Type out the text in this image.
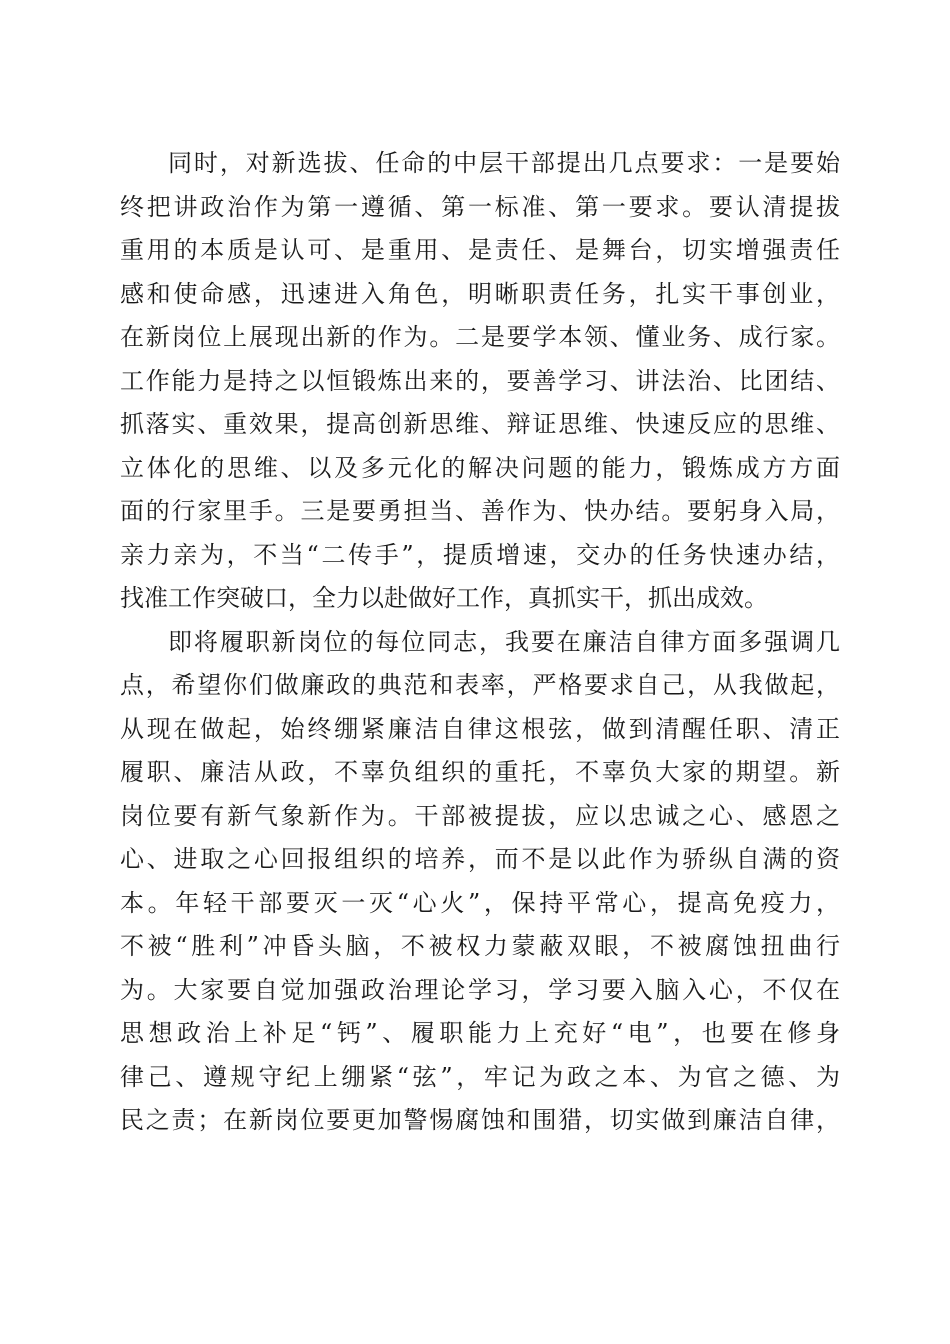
同时，对新选拔、任命的中层干部提出几点要求：一是要始
终把讲政治作为第一遵循、第一标准、第一要求。要认清提拔
重用的本质是认可、是重用、是责任、是舞台，切实增强责任
感和使命感，迅速进入角色，明晰职责任务，扎实干事创业，
在新岗位上展现出新的作为。二是要学本领、懂业务、成行家。
工作能力是持之以恒锻炼出来的，要善学习、讲法治、比团结、
抓落实、重效果，提高创新思维、辩证思维、快速反应的思维、
立体化的思维、以及多元化的解决问题的能力，锻炼成方方面
面的行家里手。三是要勇担当、善作为、快办结。要躬身入局，
亲力亲为，不当“二传手”，提质增速，交办的任务快速办结，
找准工作突破口，全力以赴做好工作，真抓实干，抓出成效。
即将履职新岗位的每位同志，我要在廉洁自律方面多强调几
点，希望你们做廉政的典范和表率，严格要求自己，从我做起，
从现在做起，始终绷紧廉洁自律这根弦，做到清醒任职、清正
履职、廉洁从政，不辜负组织的重托，不辜负大家的期望。新
岗位要有新气象新作为。干部被提拔，应以忠诚之心、感恩之
心、进取之心回报组织的培养，而不是以此作为骄纵自满的资
本。年轻干部要灭一灭“心火”，保持平常心，提高免疫力，
不被“胜利”冲昏头脑，不被权力蒙蔽双眼，不被腐蚀扭曲行
为。大家要自觉加强政治理论学习，学习要入脑入心，不仅在
思想政治上补足“钙”、履职能力上充好“电”，也要在修身
律己、遵规守纪上绷紧“弦”，牢记为政之本、为官之德、为
民之责；在新岗位要更加警惕腐蚀和围猎，切实做到廉洁自律，
